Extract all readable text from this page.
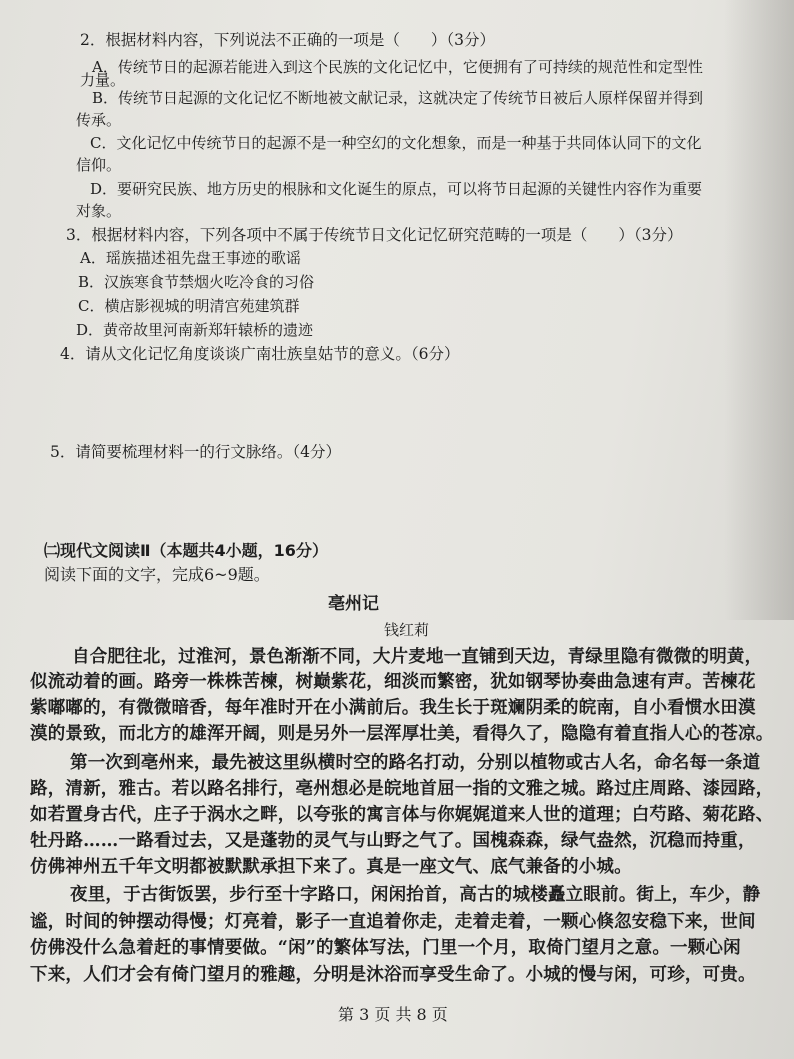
2．根据材料内容，下列说法不正确的一项是（　　）（3分）
A．传统节日的起源若能进入到这个民族的文化记忆中，它便拥有了可持续的规范性和定型性
力量。
B．传统节日起源的文化记忆不断地被文献记录，这就决定了传统节日被后人原样保留并得到
传承。
C．文化记忆中传统节日的起源不是一种空幻的文化想象，而是一种基于共同体认同下的文化
信仰。
D．要研究民族、地方历史的根脉和文化诞生的原点，可以将节日起源的关键性内容作为重要
对象。
3．根据材料内容，下列各项中不属于传统节日文化记忆研究范畴的一项是（　　）（3分）
A．瑶族描述祖先盘王事迹的歌谣
B．汉族寒食节禁烟火吃冷食的习俗
C．横店影视城的明清宫苑建筑群
D．黄帝故里河南新郑轩辕桥的遗迹
4．请从文化记忆角度谈谈广南壮族皇姑节的意义。（6分）
5．请简要梳理材料一的行文脉络。（4分）
㈡现代文阅读Ⅱ（本题共4小题，16分）
阅读下面的文字，完成6~9题。
亳州记
钱红莉
自合肥往北，过淮河，景色渐渐不同，大片麦地一直铺到天边，青绿里隐有微微的明黄，
似流动着的画。路旁一株株苦楝，树巅紫花，细淡而繁密，犹如钢琴协奏曲急速有声。苦楝花
紫嘟嘟的，有微微暗香，每年准时开在小满前后。我生长于斑斓阴柔的皖南，自小看惯水田漠
漠的景致，而北方的雄浑开阔，则是另外一层浑厚壮美，看得久了，隐隐有着直指人心的苍凉。
第一次到亳州来，最先被这里纵横时空的路名打动，分别以植物或古人名，命名每一条道
路，清新，雅古。若以路名排行，亳州想必是皖地首屈一指的文雅之城。路过庄周路、漆园路，
如若置身古代，庄子于涡水之畔，以夸张的寓言体与你娓娓道来人世的道理；白芍路、菊花路、
牡丹路……一路看过去，又是蓬勃的灵气与山野之气了。国槐森森，绿气盎然，沉稳而持重，
仿佛神州五千年文明都被默默承担下来了。真是一座文气、底气兼备的小城。
夜里，于古街饭罢，步行至十字路口，闲闲抬首，高古的城楼矗立眼前。街上，车少，静
谧，时间的钟摆动得慢；灯亮着，影子一直追着你走，走着走着，一颗心倏忽安稳下来，世间
仿佛没什么急着赶的事情要做。“闲”的繁体写法，门里一个月，取倚门望月之意。一颗心闲
下来，人们才会有倚门望月的雅趣，分明是沐浴而享受生命了。小城的慢与闲，可珍，可贵。
第 3 页 共 8 页
